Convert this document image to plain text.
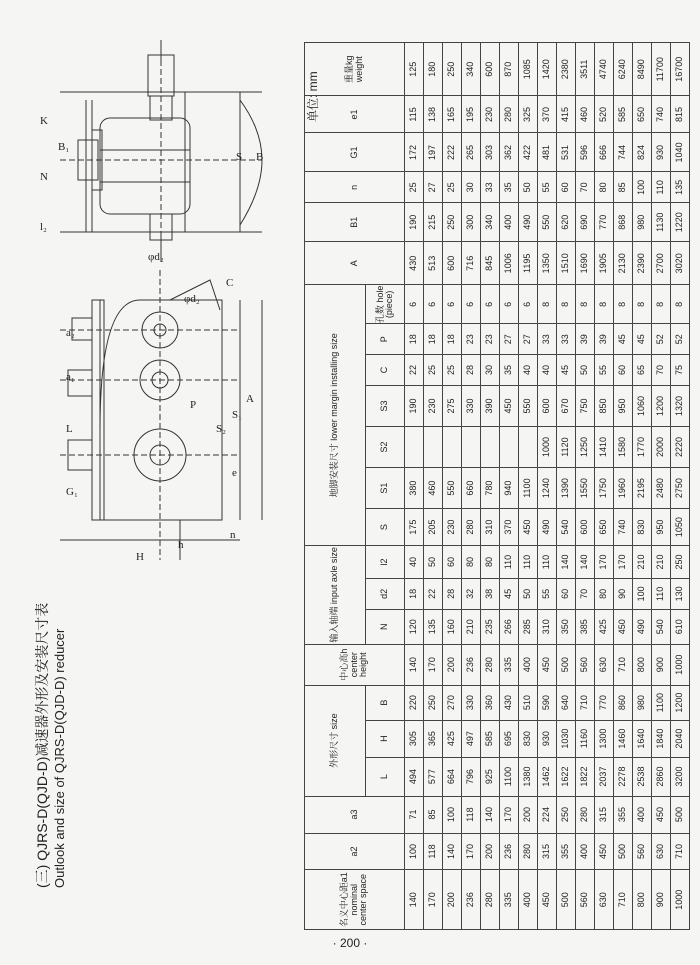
L
a₁
a₂
A
S₁
S₂
e
G₁
P
C
φd₂
H
h
n
K
B₁
N
B
S
l₂
φd₂
(三) QJRS-D(QJD-D)减速器外形及安装尺寸表 Outlook and size of QJRS-D(QJD-D) reducer
单位: mm
名义中心距a1 nominal center space	a2	a3	外形尺寸 size			中心高h center height	输入轴端 input axle size			地脚安装尺寸 lower margin installing size							A	B1	n	G1	e1	重量kg weight
			L	H	B		N	d2	l2	S	S1	S2	S3	C	P	孔数 hole (piece)						
140	100	71	494	305	220	140	120	18	40	175	380		190	22	18	6	430	190	25	172	115	125
170	118	85	577	365	250	170	135	22	50	205	460		230	25	18	6	513	215	27	197	138	180
200	140	100	664	425	270	200	160	28	60	230	550		275	25	18	6	600	250	25	222	165	250
236	170	118	796	497	330	236	210	32	80	280	660		330	28	23	6	716	300	30	265	195	340
280	200	140	925	585	360	280	235	38	80	310	780		390	30	23	6	845	340	33	303	230	600
335	236	170	1100	695	430	335	266	45	110	370	940		450	35	27	6	1006	400	35	362	280	870
400	280	200	1380	830	510	400	285	50	110	450	1100		550	40	27	6	1195	490	50	422	325	1085
450	315	224	1462	930	590	450	310	55	110	490	1240	1000	600	40	33	8	1350	550	55	481	370	1420
500	355	250	1622	1030	640	500	350	60	140	540	1390	1120	670	45	33	8	1510	620	60	531	415	2380
560	400	280	1822	1160	710	560	385	70	140	600	1550	1250	750	50	39	8	1690	690	70	596	460	3511
630	450	315	2037	1300	770	630	425	80	170	650	1750	1410	850	55	39	8	1905	770	80	666	520	4740
710	500	355	2278	1460	860	710	450	90	170	740	1960	1580	950	60	45	8	2130	868	85	744	585	6240
800	560	400	2538	1640	980	800	490	100	210	830	2195	1770	1060	65	45	8	2390	980	100	824	650	8490
900	630	450	2860	1840	1100	900	540	110	210	950	2480	2000	1200	70	52	8	2700	1130	110	930	740	11700
1000	710	500	3200	2040	1200	1000	610	130	250	1050	2750	2220	1320	75	52	8	3020	1220	135	1040	815	16700
· 200 ·
